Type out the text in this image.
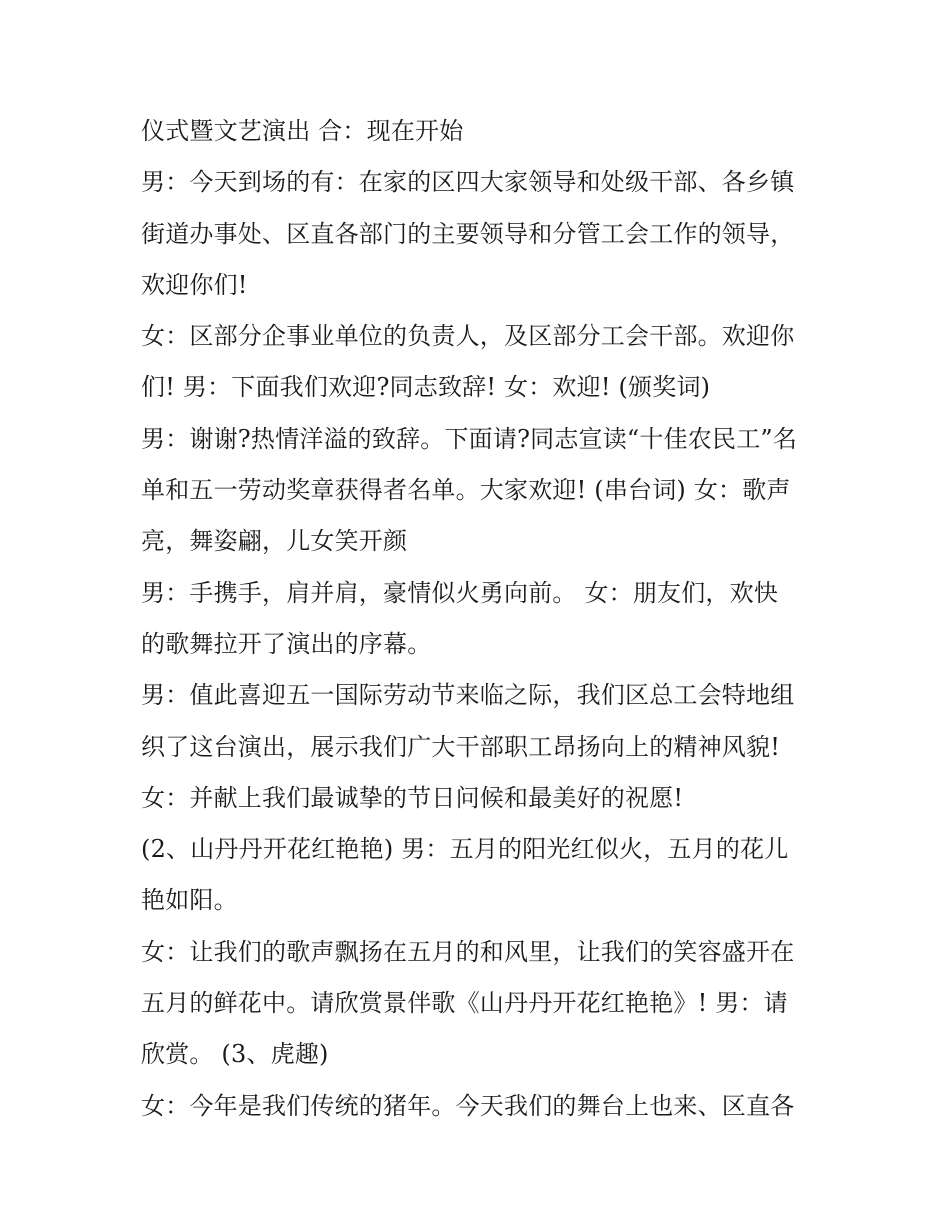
仪式暨文艺演出 合：现在开始
男：今天到场的有：在家的区四大家领导和处级干部、各乡镇
街道办事处、区直各部门的主要领导和分管工会工作的领导，
欢迎你们!
女：区部分企事业单位的负责人，及区部分工会干部。欢迎你
们! 男：下面我们欢迎?同志致辞! 女：欢迎! (颁奖词)
男：谢谢?热情洋溢的致辞。下面请?同志宣读“十佳农民工”名
单和五一劳动奖章获得者名单。大家欢迎! (串台词) 女：歌声
亮，舞姿翩，儿女笑开颜
男：手携手，肩并肩，豪情似火勇向前。 女：朋友们，欢快
的歌舞拉开了演出的序幕。
男：值此喜迎五一国际劳动节来临之际，我们区总工会特地组
织了这台演出，展示我们广大干部职工昂扬向上的精神风貌!
女：并献上我们最诚挚的节日问候和最美好的祝愿!
(2、山丹丹开花红艳艳) 男：五月的阳光红似火，五月的花儿
艳如阳。
女：让我们的歌声飘扬在五月的和风里，让我们的笑容盛开在
五月的鲜花中。请欣赏景伴歌《山丹丹开花红艳艳》! 男：请
欣赏。 (3、虎趣)
女：今年是我们传统的猪年。今天我们的舞台上也来、区直各
